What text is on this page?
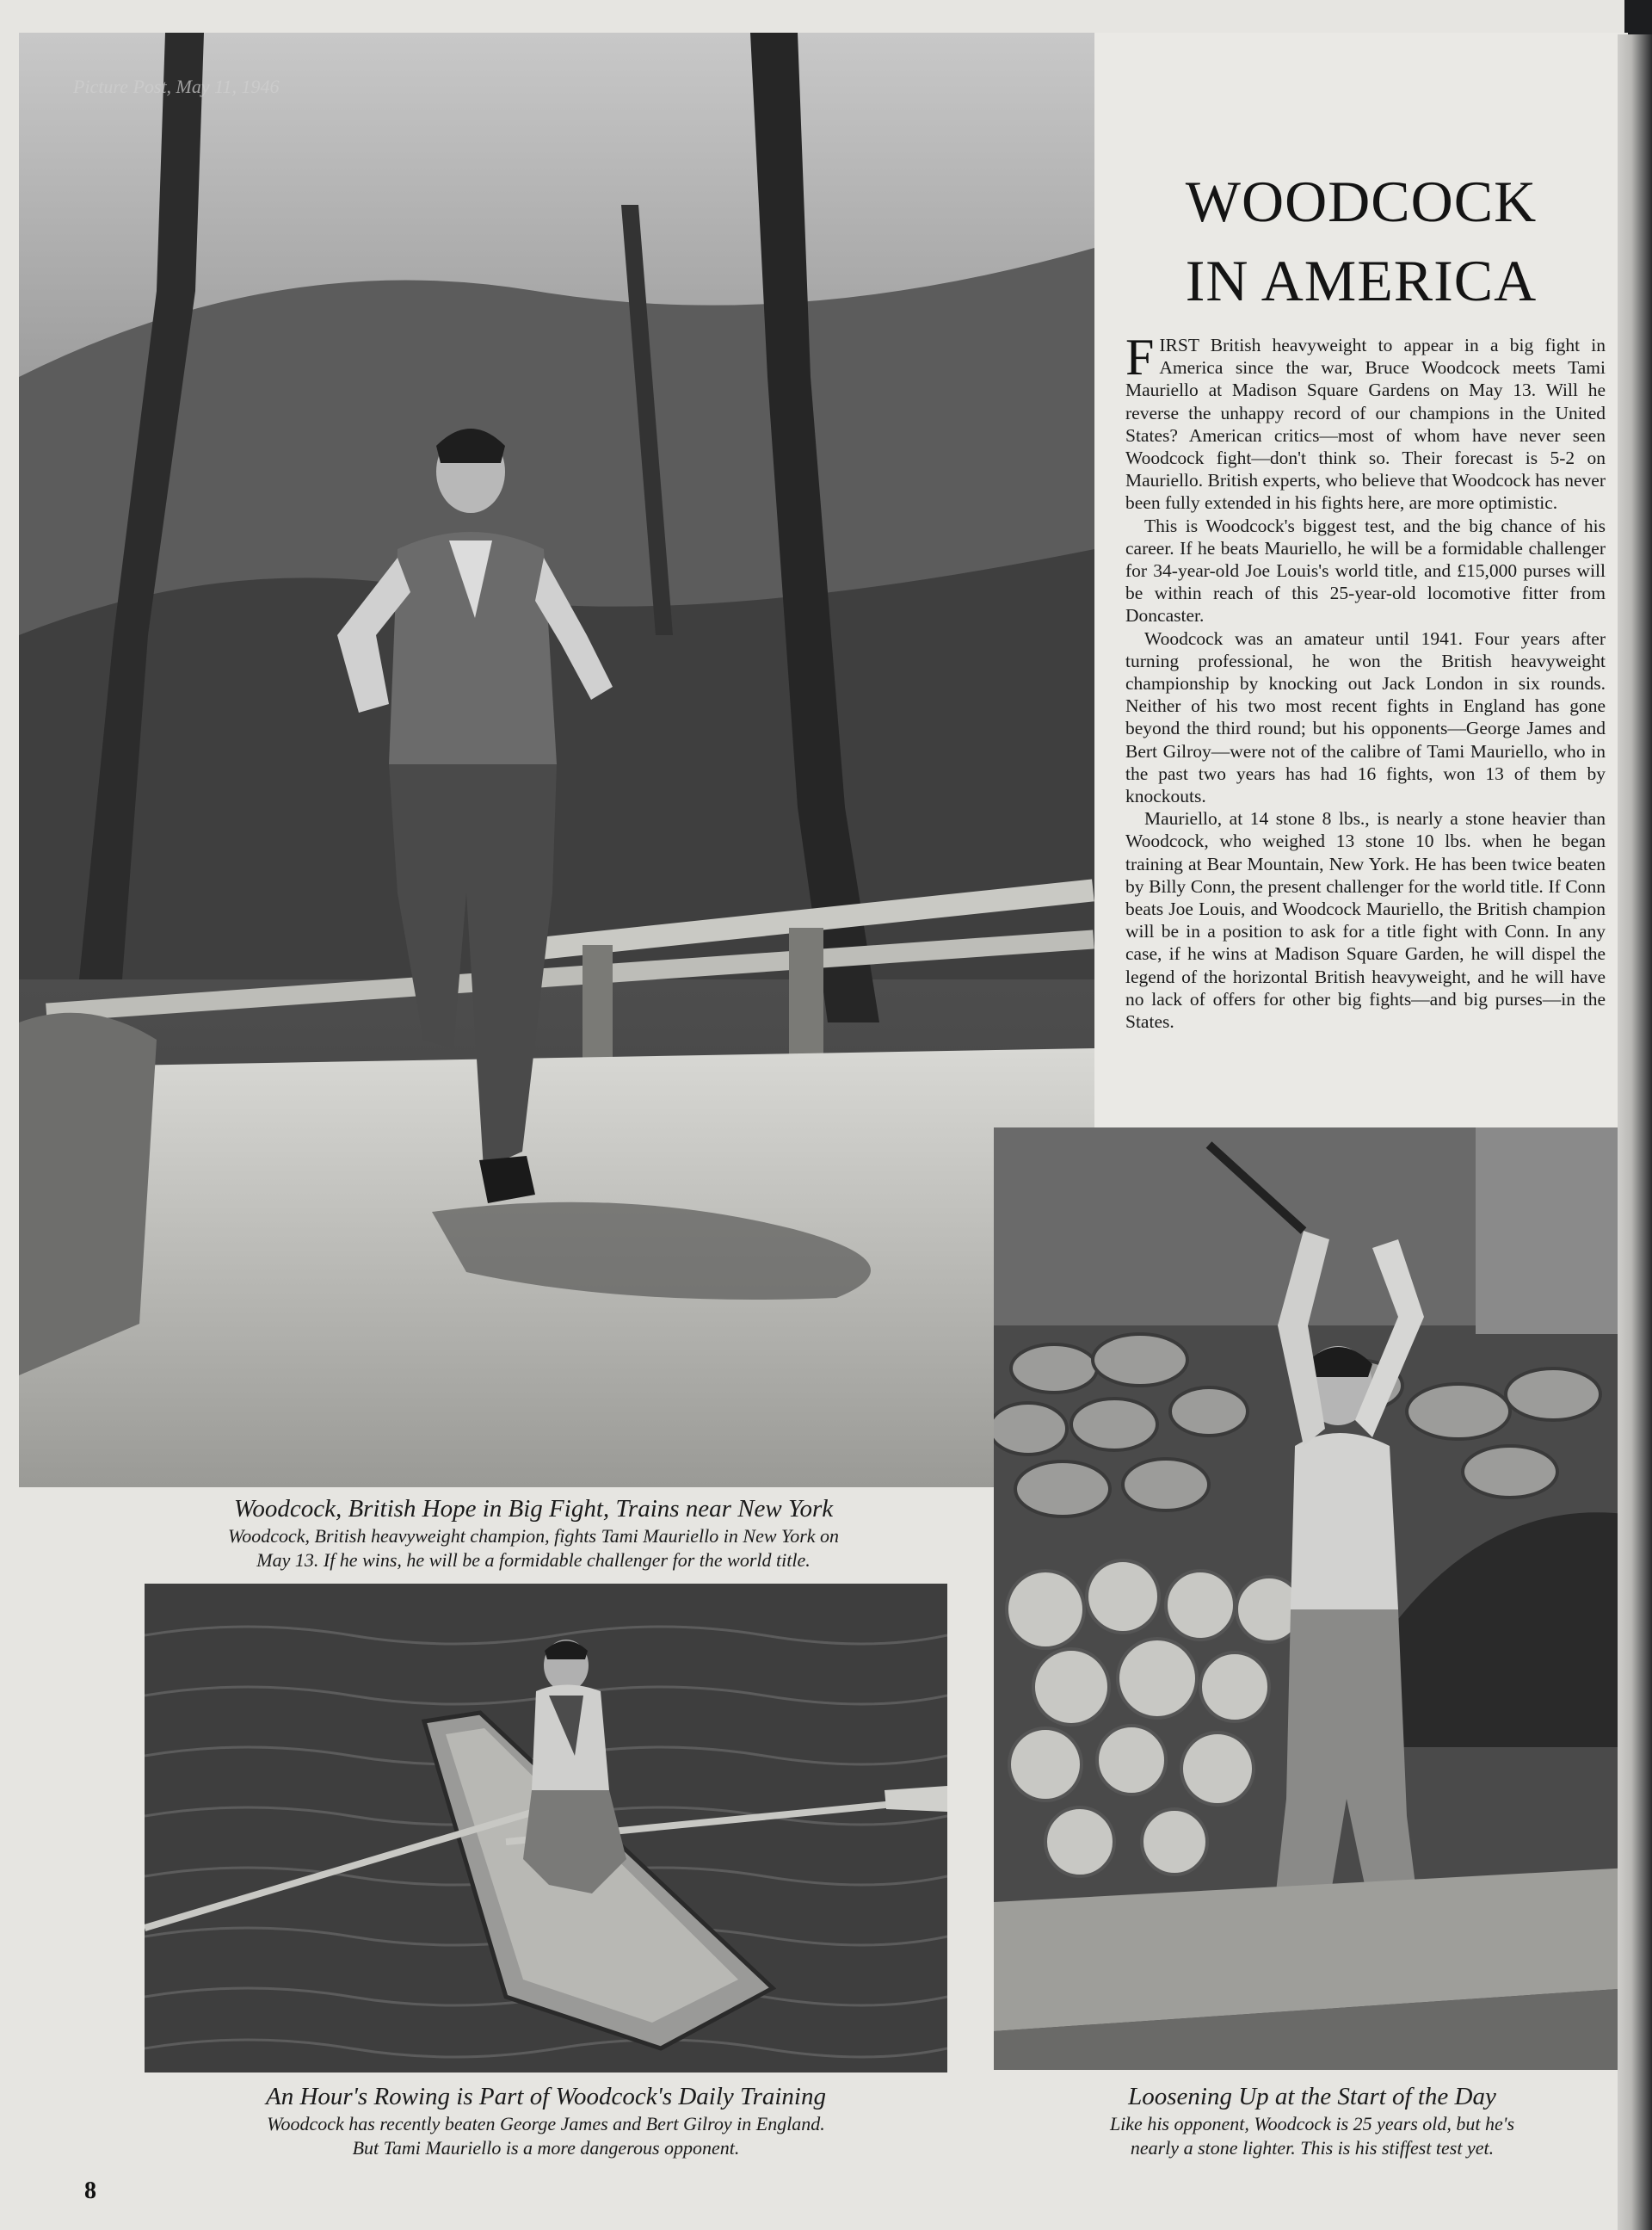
Picture Post, May 11, 1946
WOODCOCK
IN AMERICA

FIRST British heavyweight to appear in a big fight in America since the war, Bruce Woodcock meets Tami Mauriello at Madison Square Gardens on May 13. Will he reverse the unhappy record of our champions in the United States? American critics—most of whom have never seen Woodcock fight—don't think so. Their forecast is 5-2 on Mauriello. British experts, who believe that Woodcock has never been fully extended in his fights here, are more optimistic.

This is Woodcock's biggest test, and the big chance of his career. If he beats Mauriello, he will be a formidable challenger for 34-year-old Joe Louis's world title, and £15,000 purses will be within reach of this 25-year-old locomotive fitter from Doncaster.

Woodcock was an amateur until 1941. Four years after turning professional, he won the British heavyweight championship by knocking out Jack London in six rounds. Neither of his two most recent fights in England has gone beyond the third round; but his opponents—George James and Bert Gilroy—were not of the calibre of Tami Mauriello, who in the past two years has had 16 fights, won 13 of them by knockouts.

Mauriello, at 14 stone 8 lbs., is nearly a stone heavier than Woodcock, who weighed 13 stone 10 lbs. when he began training at Bear Mountain, New York. He has been twice beaten by Billy Conn, the present challenger for the world title. If Conn beats Joe Louis, and Woodcock Mauriello, the British champion will be in a position to ask for a title fight with Conn. In any case, if he wins at Madison Square Garden, he will dispel the legend of the horizontal British heavyweight, and he will have no lack of offers for other big fights—and big purses—in the States.

Woodcock, British Hope in Big Fight, Trains near New York
Woodcock, British heavyweight champion, fights Tami Mauriello in New York on
May 13. If he wins, he will be a formidable challenger for the world title.
An Hour's Rowing is Part of Woodcock's Daily Training
Woodcock has recently beaten George James and Bert Gilroy in England.
But Tami Mauriello is a more dangerous opponent.
Loosening Up at the Start of the Day
Like his opponent, Woodcock is 25 years old, but he's
nearly a stone lighter. This is his stiffest test yet.
8
